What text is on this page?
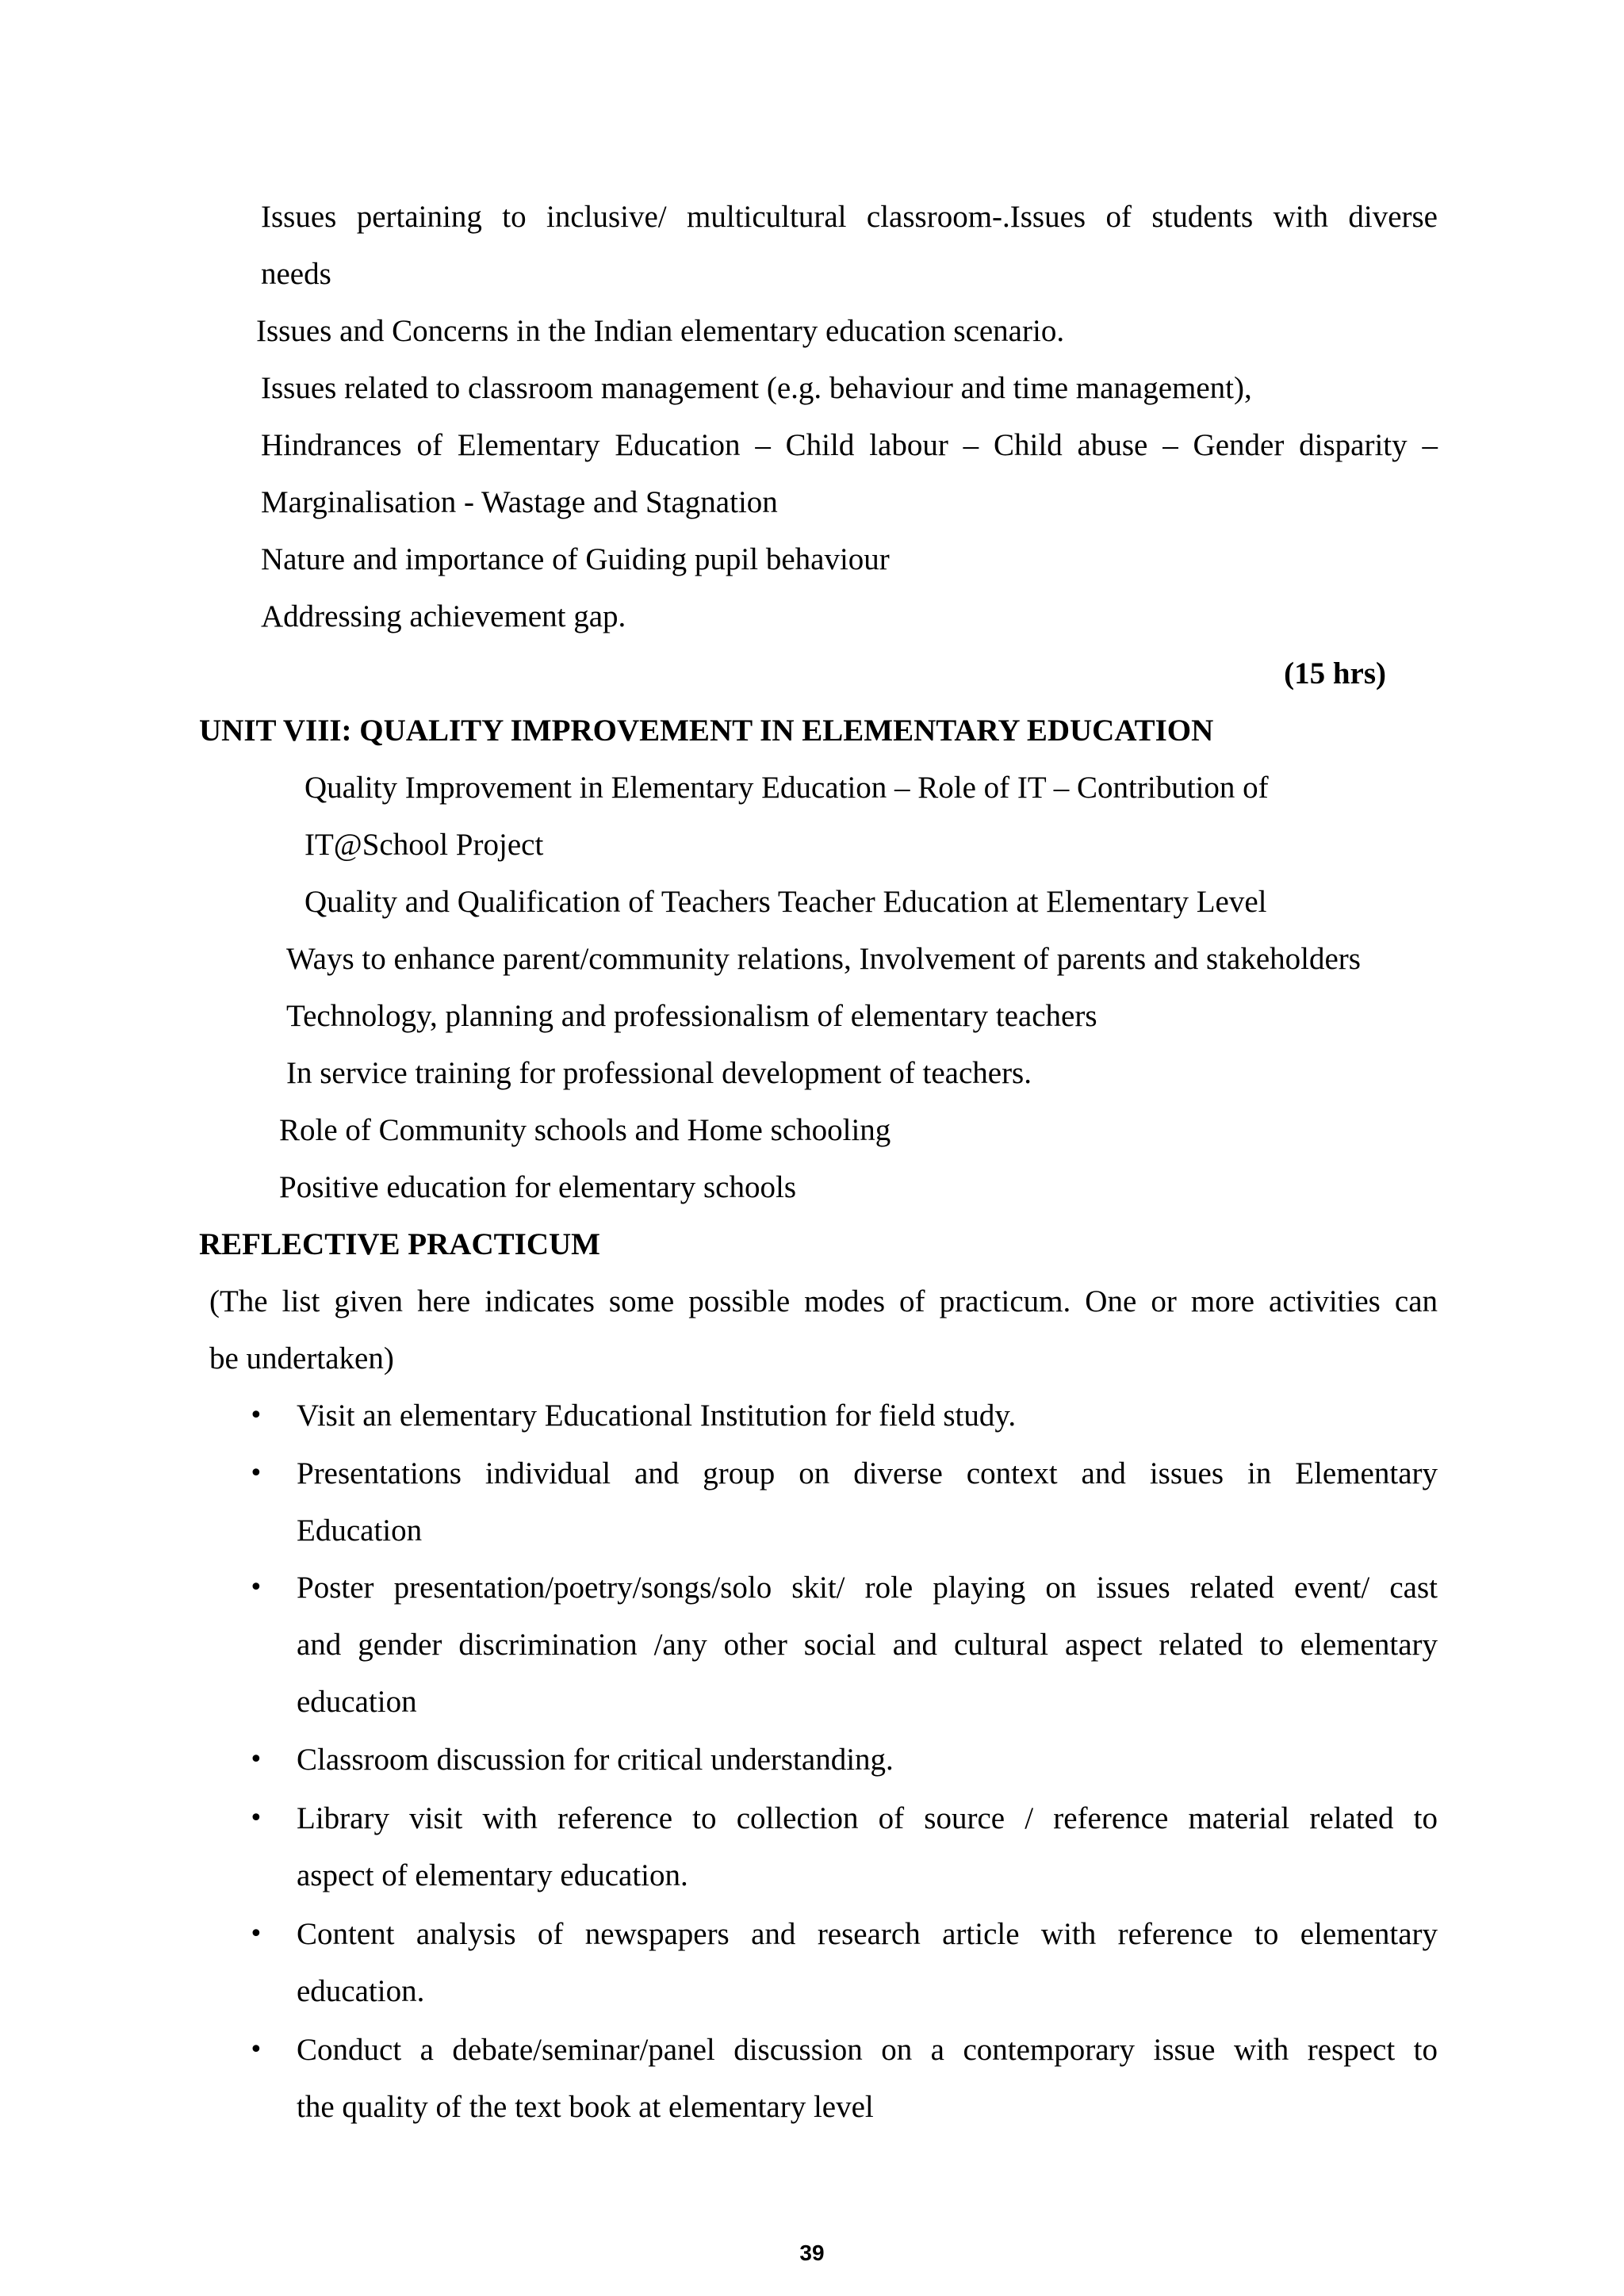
Issues pertaining to inclusive/ multicultural classroom-.Issues of students with diverse
needs
Issues and Concerns in the Indian elementary education scenario.
Issues related to classroom management (e.g. behaviour and time management),
Hindrances of Elementary Education – Child labour – Child abuse – Gender disparity –
Marginalisation - Wastage and Stagnation
Nature and importance of Guiding pupil behaviour
Addressing achievement gap.
(15 hrs)
UNIT VIII: QUALITY IMPROVEMENT IN ELEMENTARY EDUCATION
Quality Improvement in Elementary Education – Role of IT – Contribution of
IT@School Project
Quality and Qualification of Teachers Teacher Education at Elementary Level
Ways to enhance parent/community relations, Involvement of parents and stakeholders
Technology, planning and professionalism of elementary teachers
In service training for professional development of teachers.
Role of Community schools and Home schooling
Positive education for elementary schools
REFLECTIVE PRACTICUM
(The list given here indicates some possible modes of practicum. One or more activities can
be undertaken)
• Visit an elementary Educational Institution for field study.
• Presentations individual and group on diverse context and issues in Elementary
Education
• Poster presentation/poetry/songs/solo skit/ role playing on issues related event/ cast
and gender discrimination /any other social and cultural aspect related to elementary
education
• Classroom discussion for critical understanding.
• Library visit with reference to collection of source / reference material related to
aspect of elementary education.
• Content analysis of newspapers and research article with reference to elementary
education.
• Conduct a debate/seminar/panel discussion on a contemporary issue with respect to
the quality of the text book at elementary level
39
